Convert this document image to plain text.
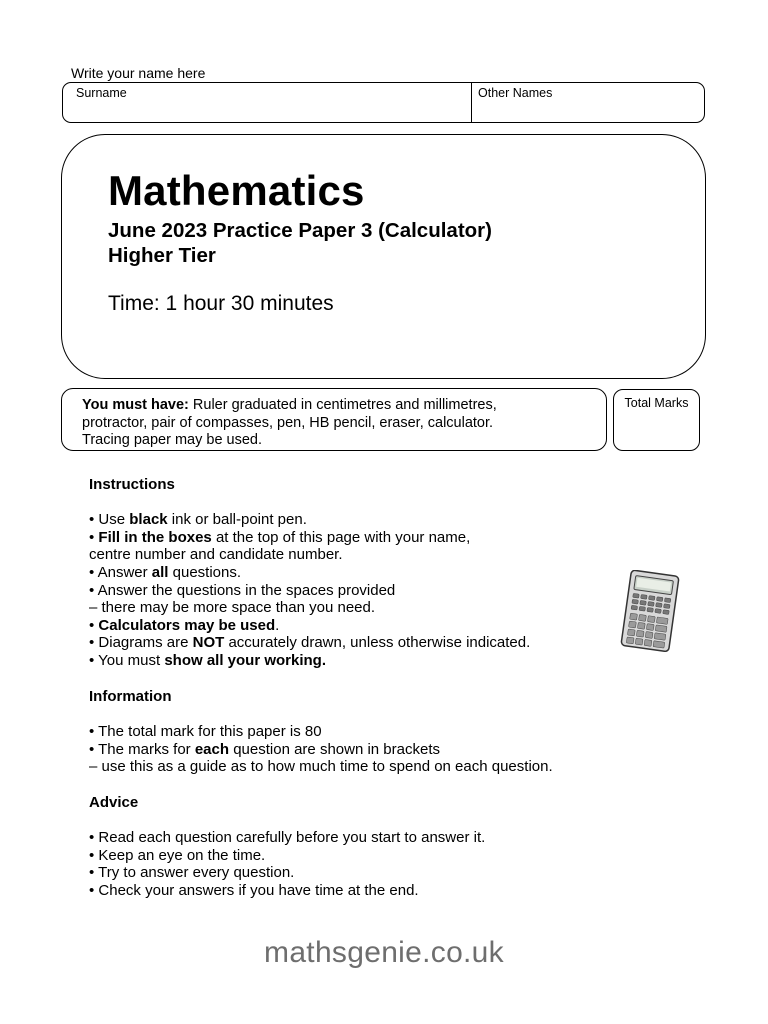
Write your name here
Surname	Other Names
Mathematics
June 2023 Practice Paper 3 (Calculator)
Higher Tier
Time: 1 hour 30 minutes
You must have: Ruler graduated in centimetres and millimetres,
protractor, pair of compasses, pen, HB pencil, eraser, calculator.
Tracing paper may be used.
Total Marks
Instructions
• Use black ink or ball-point pen.
• Fill in the boxes at the top of this page with your name,
centre number and candidate number.
• Answer all questions.
• Answer the questions in the spaces provided
– there may be more space than you need.
• Calculators may be used.
• Diagrams are NOT accurately drawn, unless otherwise indicated.
• You must show all your working.
Information
• The total mark for this paper is 80
• The marks for each question are shown in brackets
– use this as a guide as to how much time to spend on each question.
Advice
• Read each question carefully before you start to answer it.
• Keep an eye on the time.
• Try to answer every question.
• Check your answers if you have time at the end.
mathsgenie.co.uk
